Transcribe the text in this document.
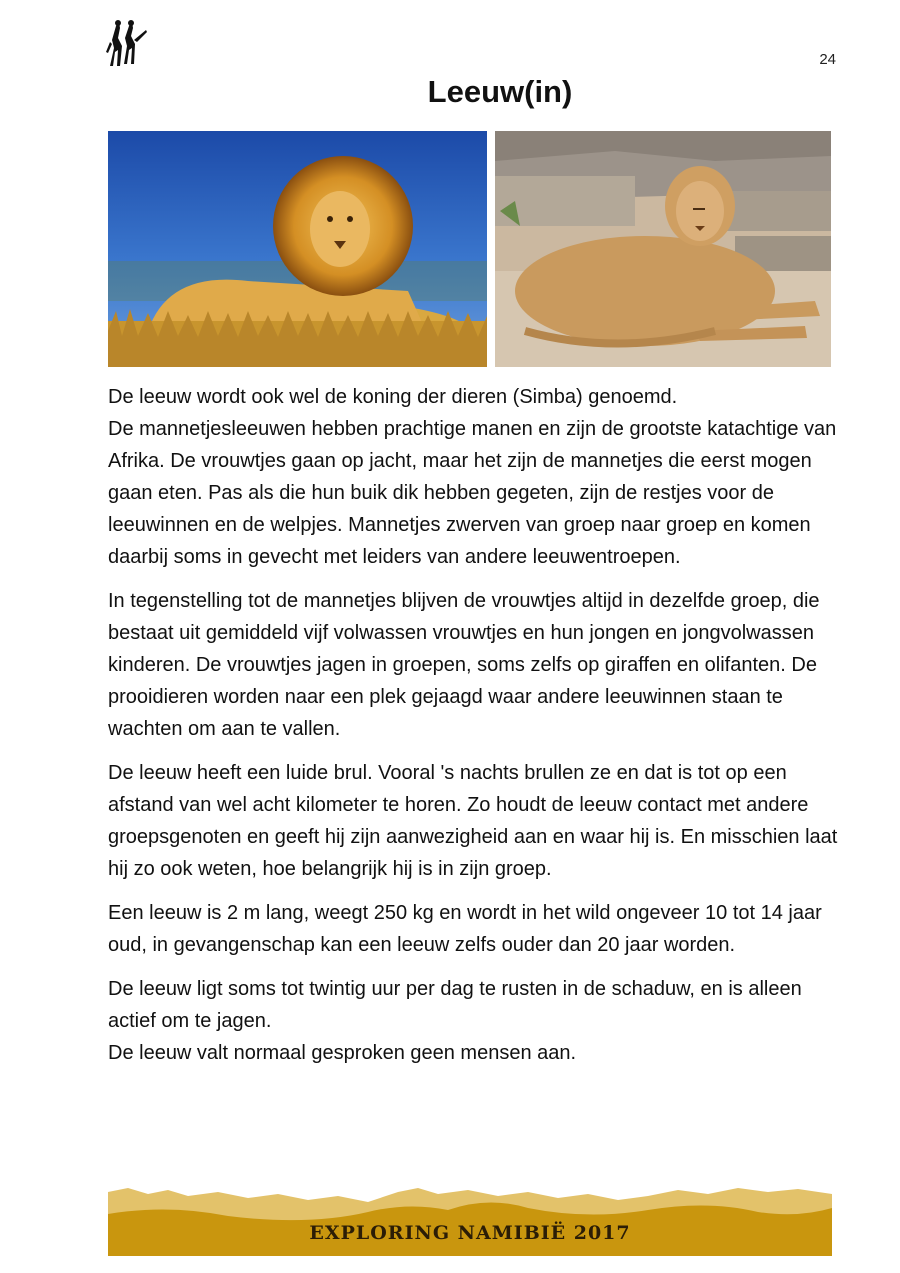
24
Leeuw(in)

De leeuw wordt ook wel de koning der dieren (Simba) genoemd.
De mannetjesleeuwen hebben prachtige manen en zijn de grootste katachtige van Afrika. De vrouwtjes gaan op jacht, maar het zijn de mannetjes die eerst mogen gaan eten. Pas als die hun buik dik hebben gegeten, zijn de restjes voor de leeuwinnen en de welpjes. Mannetjes zwerven van groep naar groep en komen daarbij soms in gevecht met leiders van andere leeuwentroepen.

In tegenstelling tot de mannetjes blijven de vrouwtjes altijd in dezelfde groep, die bestaat uit gemiddeld vijf volwassen vrouwtjes en hun jongen en jongvolwassen kinderen. De vrouwtjes jagen in groepen, soms zelfs op giraffen en olifanten. De prooidieren worden naar een plek gejaagd waar andere leeuwinnen staan te wachten om aan te vallen.

De leeuw heeft een luide brul. Vooral 's nachts brullen ze en dat is tot op een afstand van wel acht kilometer te horen. Zo houdt de leeuw contact met andere groepsgenoten en geeft hij zijn aanwezigheid aan en waar hij is. En misschien laat hij zo ook weten, hoe belangrijk hij is in zijn groep.

Een leeuw is 2 m lang, weegt 250 kg en wordt in het wild ongeveer 10 tot 14 jaar oud, in gevangenschap kan een leeuw zelfs ouder dan 20 jaar worden.

De leeuw ligt soms tot twintig uur per dag te rusten in de schaduw, en is alleen actief om te jagen.
De leeuw valt normaal gesproken geen mensen aan.

EXPLORING NAMIBIË 2017
